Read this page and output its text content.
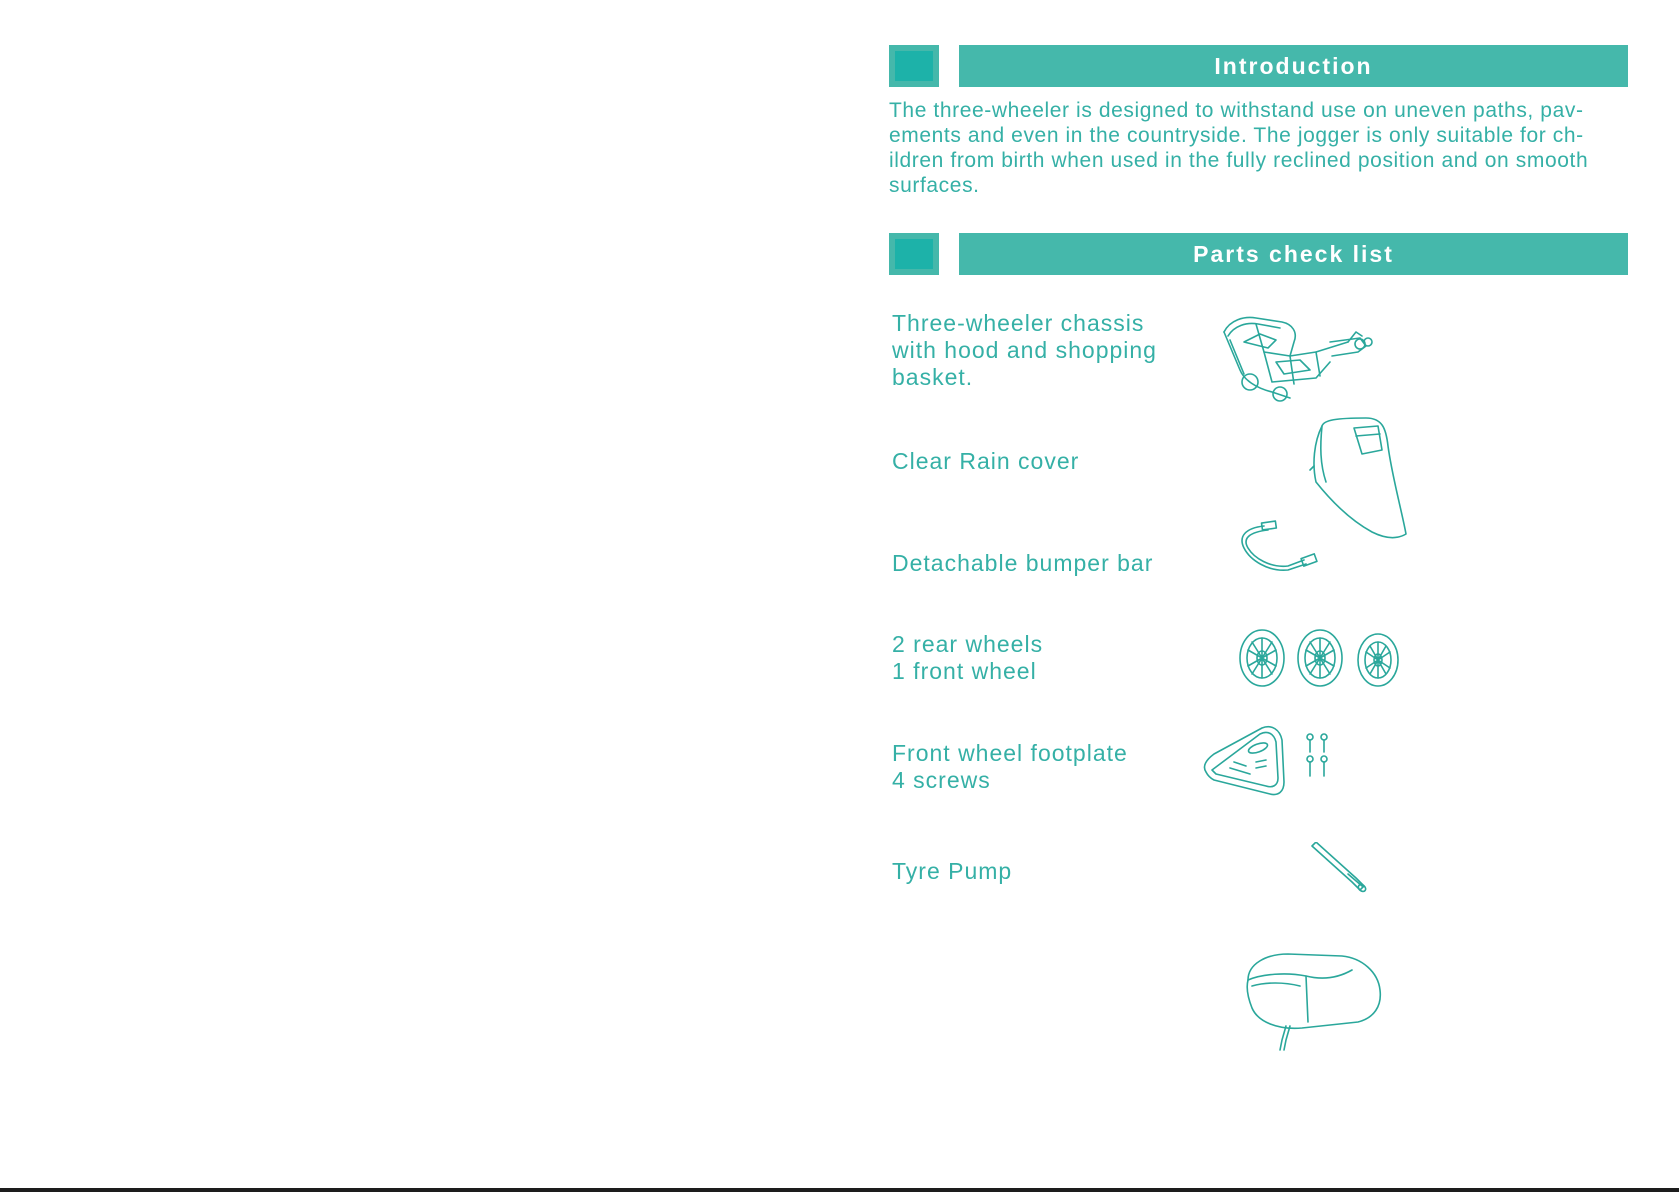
Introduction

The three-wheeler is designed to withstand use on uneven paths, pav-
ements and even in the countryside. The jogger is only suitable for ch-
ildren from birth when used in the fully reclined position and on smooth
surfaces.

Parts check list
Three-wheeler chassis
with hood and shopping
basket.
Clear Rain cover
Detachable bumper bar
2 rear wheels
1 front wheel
Front wheel footplate
4 screws
Tyre Pump
